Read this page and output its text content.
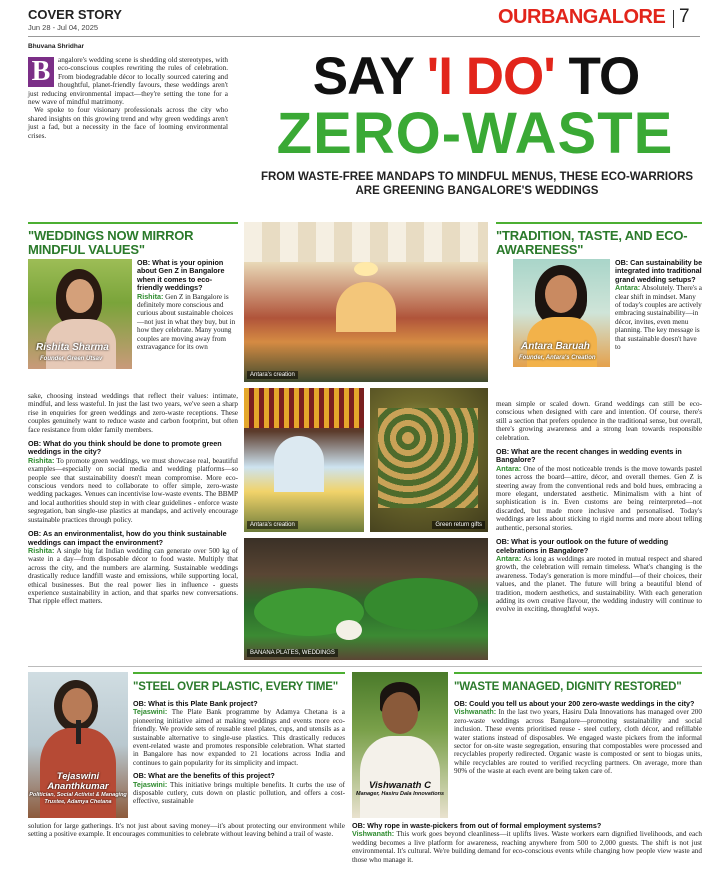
COVER STORY
Jun 28 - Jul 04, 2025	OURBANGALORE 7
Bhuvana Shridhar
B	angalore's wedding scene is shedding old stereotypes, with eco-conscious couples rewriting the rules of celebration. From biodegradable décor to locally sourced catering and thoughtful, planet-friendly favours, these weddings aren't just reducing environmental impact—they're setting the tone for a new wave of mindful matrimony.

We spoke to four visionary professionals across the city who shared insights on this growing trend and why green weddings aren't just a fad, but a necessity in the face of looming environmental crises.

SAY 'I DO' TO
ZERO-WASTE
FROM WASTE-FREE MANDAPS TO MINDFUL MENUS, THESE ECO-WARRIORS ARE GREENING BANGALORE'S WEDDINGS
"WEDDINGS NOW MIRROR MINDFUL VALUES"
Rishita Sharma
Founder, Green Utsav

OB: What is your opinion about Gen Z in Bangalore when it comes to eco-friendly weddings?

Rishita: Gen Z in Bangalore is definitely more conscious and curious about sustainable choices—not just in what they buy, but in how they celebrate. Many young couples are moving away from extravagance for its own

sake, choosing instead weddings that reflect their values: intimate, mindful, and less wasteful. In just the last two years, we've seen a sharp rise in enquiries for green weddings and zero-waste receptions. These couples genuinely want to reduce waste and carbon footprint, but often face resistance from older family members.

OB: What do you think should be done to promote green weddings in the city?

Rishita: To promote green weddings, we must showcase real, beautiful examples—especially on social media and wedding platforms—so people see that sustainability doesn't mean compromise. More eco-conscious vendors need to collaborate to offer simple, zero-waste wedding packages. Venues can incentivise low-waste events. The BBMP and local authorities should step in with clear guidelines - enforce waste segregation, ban single-use plastics at mandaps, and actively encourage sustainable practices through policy.

OB: As an environmentalist, how do you think sustainable weddings can impact the environment?

Rishita: A single big fat Indian wedding can generate over 500 kg of waste in a day—from disposable décor to food waste. Multiply that across the city, and the numbers are alarming. Sustainable weddings drastically reduce landfill waste and emissions, while supporting local, ethical businesses. But the real power lies in influence - guests experience sustainability in action, and that sparks new conversations. That ripple effect matters.

Antara's creation
Antara's creation	Green return gifts
BANANA PLATES, WEDDINGS
"TRADITION, TASTE, AND ECO-AWARENESS"
Antara Baruah
Founder, Antara's Creation

OB: Can sustainability be integrated into traditional grand wedding setups?

Antara: Absolutely. There's a clear shift in mindset. Many of today's couples are actively embracing sustainability—in décor, invites, even menu planning. The key message is that sustainable doesn't have to

mean simple or scaled down. Grand weddings can still be eco-conscious when designed with care and intention. Of course, there's still a section that prefers opulence in the traditional sense, but overall, there's growing awareness and a strong lean towards responsible celebration.

OB: What are the recent changes in wedding events in Bangalore?

Antara: One of the most noticeable trends is the move towards pastel tones across the board—attire, décor, and overall themes. Gen Z is steering away from the conventional reds and bold hues, embracing a more elegant, understated aesthetic. Minimalism with a hint of sophistication is in. Even customs are being reinterpreted—not discarded, but made more inclusive and personalised. Today's weddings are less about sticking to rigid norms and more about telling authentic, personal stories.

OB: What is your outlook on the future of wedding celebrations in Bangalore?

Antara: As long as weddings are rooted in mutual respect and shared growth, the celebration will remain timeless. What's changing is the awareness. Today's generation is more mindful—of their choices, their values, and the planet. The future will bring a beautiful blend of tradition, modern aesthetics, and sustainability. With each generation adding its own creative flavour, the wedding industry will continue to evolve in exciting, thoughtful ways.

Tejaswini
Ananthkumar
Politician, Social Activist & Managing Trustee, Adamya Chetana
"STEEL OVER PLASTIC, EVERY TIME"

OB: What is this Plate Bank project?

Tejaswini: The Plate Bank programme by Adamya Chetana is a pioneering initiative aimed at making weddings and events more eco-friendly. We provide sets of reusable steel plates, cups, and utensils as a sustainable alternative to single-use plastics. This drastically reduces event-related waste and promotes responsible celebration. What started in Bangalore has now expanded to 21 locations across India and continues to gain popularity for its simplicity and impact.

OB: What are the benefits of this project?

Tejaswini: This initiative brings multiple benefits. It curbs the use of disposable cutlery, cuts down on plastic pollution, and offers a cost-effective, sustainable

solution for large gatherings. It's not just about saving money—it's about protecting our environment while setting a positive example. It encourages communities to celebrate without leaving behind a trail of waste.

Vishwanath C
Manager, Hasiru Dala Innovations
"WASTE MANAGED, DIGNITY RESTORED"

OB: Could you tell us about your 200 zero-waste weddings in the city?

Vishwanath: In the last two years, Hasiru Dala Innovations has managed over 200 zero-waste weddings across Bangalore—promoting sustainability and social inclusion. These events prioritised reuse - steel cutlery, cloth décor, and refillable water stations instead of disposables. We engaged waste pickers from the informal sector for on-site waste segregation, ensuring that compostables were processed and recyclables properly redirected. Organic waste is composted or sent to biogas units, while recyclables are routed to verified recycling partners. On average, more than 90% of the waste at each event are being taken care of.

OB: Why rope in waste-pickers from out of formal employment systems?

Vishwanath: This work goes beyond cleanliness—it uplifts lives. Waste workers earn dignified livelihoods, and each wedding becomes a live platform for awareness, reaching anywhere from 500 to 2,000 guests. The shift is not just environmental. It's cultural. We're building demand for eco-conscious events while changing how people view waste and those who manage it.
